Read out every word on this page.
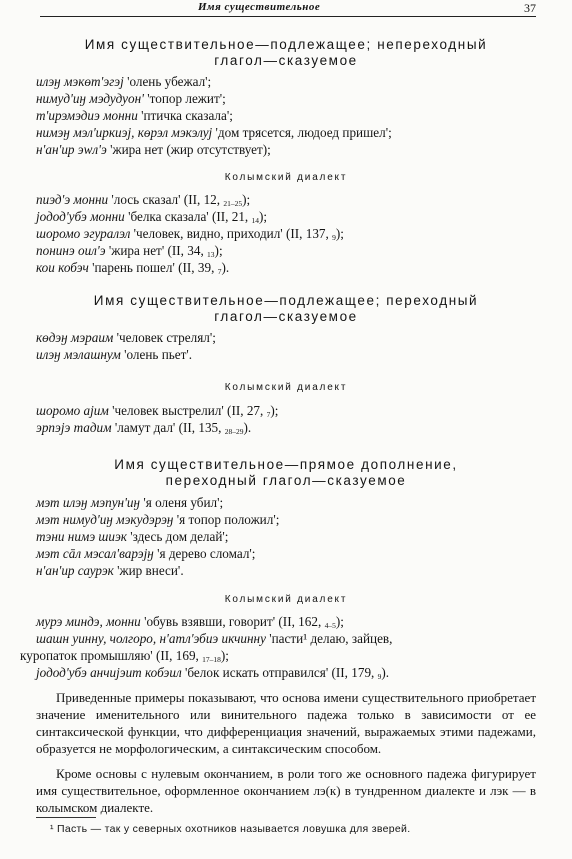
Имя существительное	37
Имя существительное—подлежащее; непереходный
глагол—сказуемое
илэӈ мэкөт'эгэј 'олень убежал';
нимуд'иӈ мэдудуон' 'топор лежит';
т'ирэмэдиэ монни 'птичка сказала';
нимэӈ мэл'иркиэј, көрэл мэкэлуј 'дом трясется, людоед пришел';
н'ан'ир эwл'э 'жира нет (жир отсутствует);
Колымский диалект
пиэд'э монни 'лось сказал' (II, 12, $_{21-25}$);
јодод'убэ монни 'белка сказала' (II, 21, $_{14}$);
шоромо эгуралэл 'человек, видно, приходил' (II, 137, $_9$);
понинэ оил'э 'жира нет' (II, 34, $_{13}$);
кои кобэч 'парень пошел' (II, 39, $_7$).
Имя существительное—подлежащее; переходный
глагол—сказуемое
көдэӈ мэраим 'человек стрелял';
илэӈ мэлашнум 'олень пьет'.
Колымский диалект
шоромо ајим 'человек выстрелил' (II, 27, $_7$);
эрпэјэ тадим 'ламут дал' (II, 135, $_{28-29}$).
Имя существительное—прямое дополнение,
переходный глагол—сказуемое
мэт илэӈ мэпун'иӈ 'я оленя убил';
мэт нимуд'иӈ мэкудэрэӈ 'я топор положил';
тэни нимэ шиэк 'здесь дом делай';
мэт сāл мэсал'варэјӈ 'я дерево сломал';
н'ан'ир саурэк 'жир внеси'.
Колымский диалект
мурэ миндэ, монни 'обувь взявши, говорит' (II, 162, $_{4-5}$);
шашн уинну, чолгоро, н'атл'эбиэ икчинну 'пасти¹ делаю, зайцев,
куропаток промышляю' (II, 169, $_{17-18}$);
јодод'убэ анчијэит кобэил 'белок искать отправился' (II, 179, $_9$).
Приведенные примеры показывают, что основа имени существительного приобретает значение именительного или винительного падежа только в зависимости от ее синтаксической функции, что дифференциация значений, выражаемых этими падежами, образуется не морфологическим, а синтаксическим способом.
Кроме основы с нулевым окончанием, в роли того же основного падежа фигурирует имя существительное, оформленное окончанием лэ(к) в тундренном диалекте и лэк — в колымском диалекте.
¹ Пасть — так у северных охотников называется ловушка для зверей.
